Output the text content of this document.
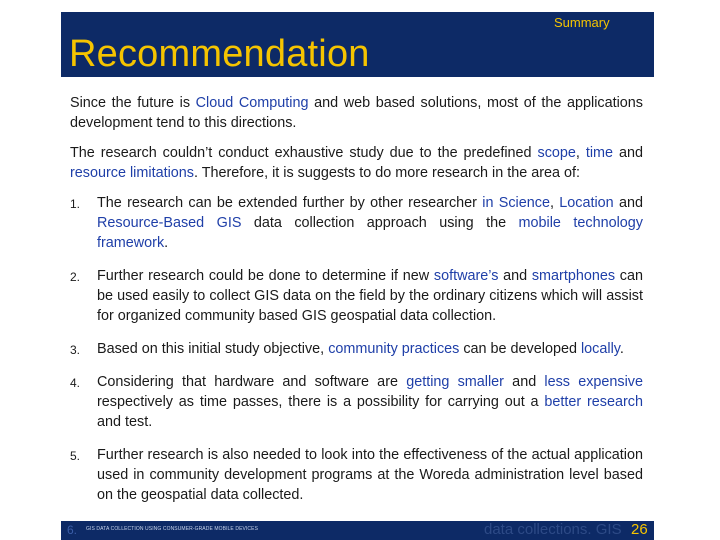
Summary
Recommendation

Since the future is Cloud Computing and web based solutions, most of the applications development tend to this directions.

The research couldn’t conduct exhaustive study due to the predefined scope, time and resource limitations. Therefore, it is suggests to do more research in the area of:

1. The research can be extended further by other researcher in Science, Location and Resource-Based GIS data collection approach using the mobile technology framework.
2. Further research could be done to determine if new software’s and smartphones can be used easily to collect GIS data on the field by the ordinary citizens which will assist for organized community based GIS geospatial data collection.
3. Based on this initial study objective, community practices can be developed locally.
4. Considering that hardware and software are getting smaller and less expensive respectively as time passes, there is a possibility for carrying out a better research and test.
5. Further research is also needed to look into the effectiveness of the actual application used in community development programs at the Woreda administration level based on the geospatial data collected.
6. GIS DATA COLLECTION USING CONSUMER-GRADE MOBILE DEVICES	data collections. GIS 26
